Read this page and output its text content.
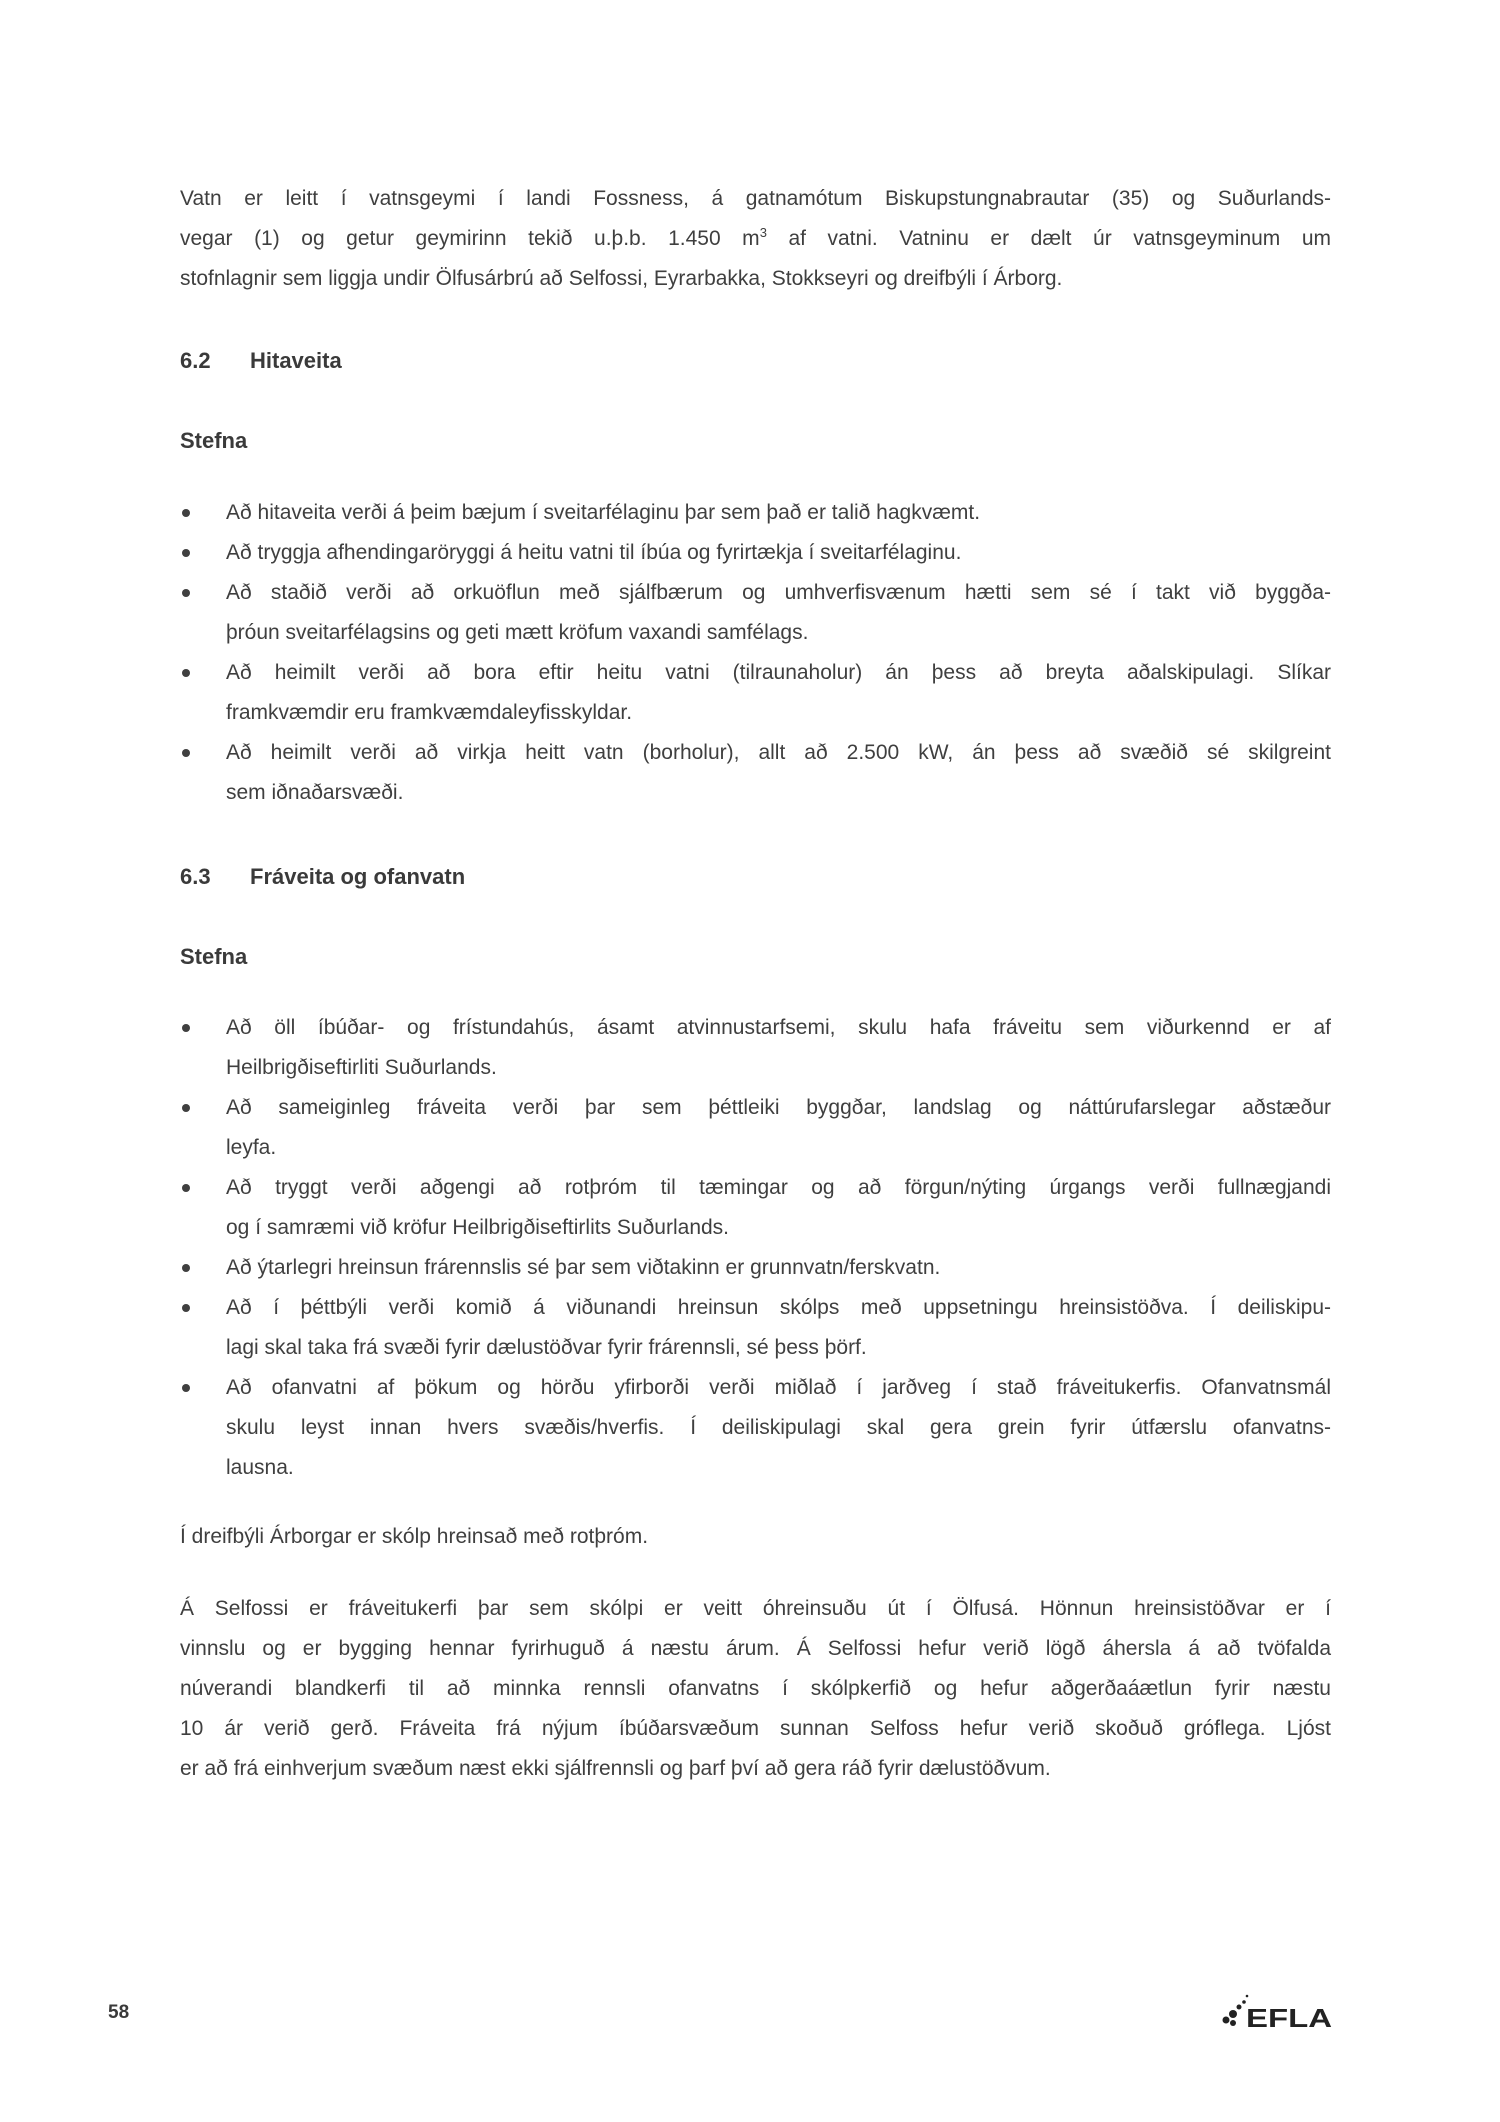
Vatn er leitt í vatnsgeymi í landi Fossness, á gatnamótum Biskupstungnabrautar (35) og Suðurlands-
vegar (1) og getur geymirinn tekið u.þ.b. 1.450 $m^3$ af vatni. Vatninu er dælt úr vatnsgeyminum um
stofnlagnir sem liggja undir Ölfusárbrú að Selfossi, Eyrarbakka, Stokkseyri og dreifbýli í Árborg.
6.2 Hitaveita
Stefna
Að hitaveita verði á þeim bæjum í sveitarfélaginu þar sem það er talið hagkvæmt.
Að tryggja afhendingaröryggi á heitu vatni til íbúa og fyrirtækja í sveitarfélaginu.
Að staðið verði að orkuöflun með sjálfbærum og umhverfisvænum hætti sem sé í takt við byggða-
þróun sveitarfélagsins og geti mætt kröfum vaxandi samfélags.
Að heimilt verði að bora eftir heitu vatni (tilraunaholur) án þess að breyta aðalskipulagi. Slíkar
framkvæmdir eru framkvæmdaleyfisskyldar.
Að heimilt verði að virkja heitt vatn (borholur), allt að 2.500 kW, án þess að svæðið sé skilgreint
sem iðnaðarsvæði.
6.3 Fráveita og ofanvatn
Stefna
Að öll íbúðar- og frístundahús, ásamt atvinnustarfsemi, skulu hafa fráveitu sem viðurkennd er af
Heilbrigðiseftirliti Suðurlands.
Að sameiginleg fráveita verði þar sem þéttleiki byggðar, landslag og náttúrufarslegar aðstæður
leyfa.
Að tryggt verði aðgengi að rotþróm til tæmingar og að förgun/nýting úrgangs verði fullnægjandi
og í samræmi við kröfur Heilbrigðiseftirlits Suðurlands.
Að ýtarlegri hreinsun frárennslis sé þar sem viðtakinn er grunnvatn/ferskvatn.
Að í þéttbýli verði komið á viðunandi hreinsun skólps með uppsetningu hreinsistöðva. Í deiliskipu-
lagi skal taka frá svæði fyrir dælustöðvar fyrir frárennsli, sé þess þörf.
Að ofanvatni af þökum og hörðu yfirborði verði miðlað í jarðveg í stað fráveitukerfis. Ofanvatnsmál
skulu leyst innan hvers svæðis/hverfis. Í deiliskipulagi skal gera grein fyrir útfærslu ofanvatns-
lausna.
Í dreifbýli Árborgar er skólp hreinsað með rotþróm.
Á Selfossi er fráveitukerfi þar sem skólpi er veitt óhreinsuðu út í Ölfusá. Hönnun hreinsistöðvar er í
vinnslu og er bygging hennar fyrirhuguð á næstu árum. Á Selfossi hefur verið lögð áhersla á að tvöfalda
núverandi blandkerfi til að minnka rennsli ofanvatns í skólpkerfið og hefur aðgerðaáætlun fyrir næstu
10 ár verið gerð. Fráveita frá nýjum íbúðarsvæðum sunnan Selfoss hefur verið skoðuð gróflega. Ljóst
er að frá einhverjum svæðum næst ekki sjálfrennsli og þarf því að gera ráð fyrir dælustöðvum.
58	EFLA
